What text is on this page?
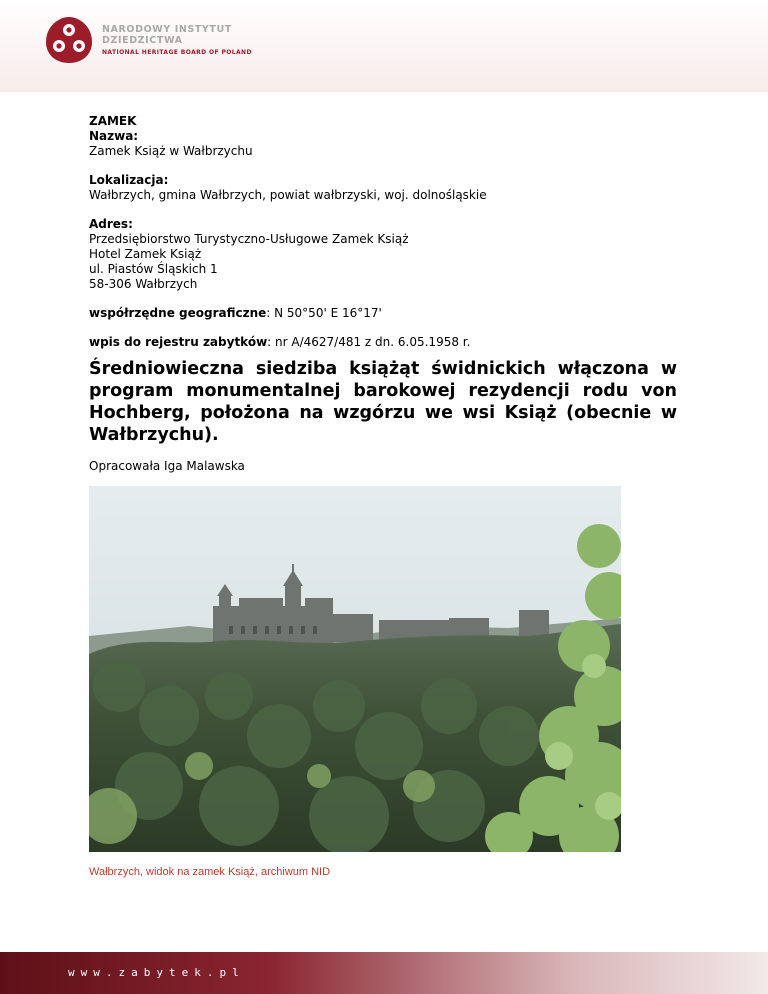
NARODOWY INSTYTUT
DZIEDZICTWA
NATIONAL HERITAGE BOARD OF POLAND
ZAMEK
Nazwa:
Zamek Książ w Wałbrzychu
Lokalizacja:
Wałbrzych, gmina Wałbrzych, powiat wałbrzyski, woj. dolnośląskie
Adres:
Przedsiębiorstwo Turystyczno-Usługowe Zamek Książ
Hotel Zamek Książ
ul. Piastów Śląskich 1
58-306 Wałbrzych
współrzędne geograficzne: N 50°50' E 16°17'
wpis do rejestru zabytków: nr A/4627/481 z dn. 6.05.1958 r.
Średniowieczna siedziba książąt świdnickich włączona w program monumentalnej barokowej rezydencji rodu von Hochberg, położona na wzgórzu we wsi Książ (obecnie w Wałbrzychu).
Opracowała Iga Malawska
Wałbrzych, widok na zamek Książ, archiwum NID
www.zabytek.pl
